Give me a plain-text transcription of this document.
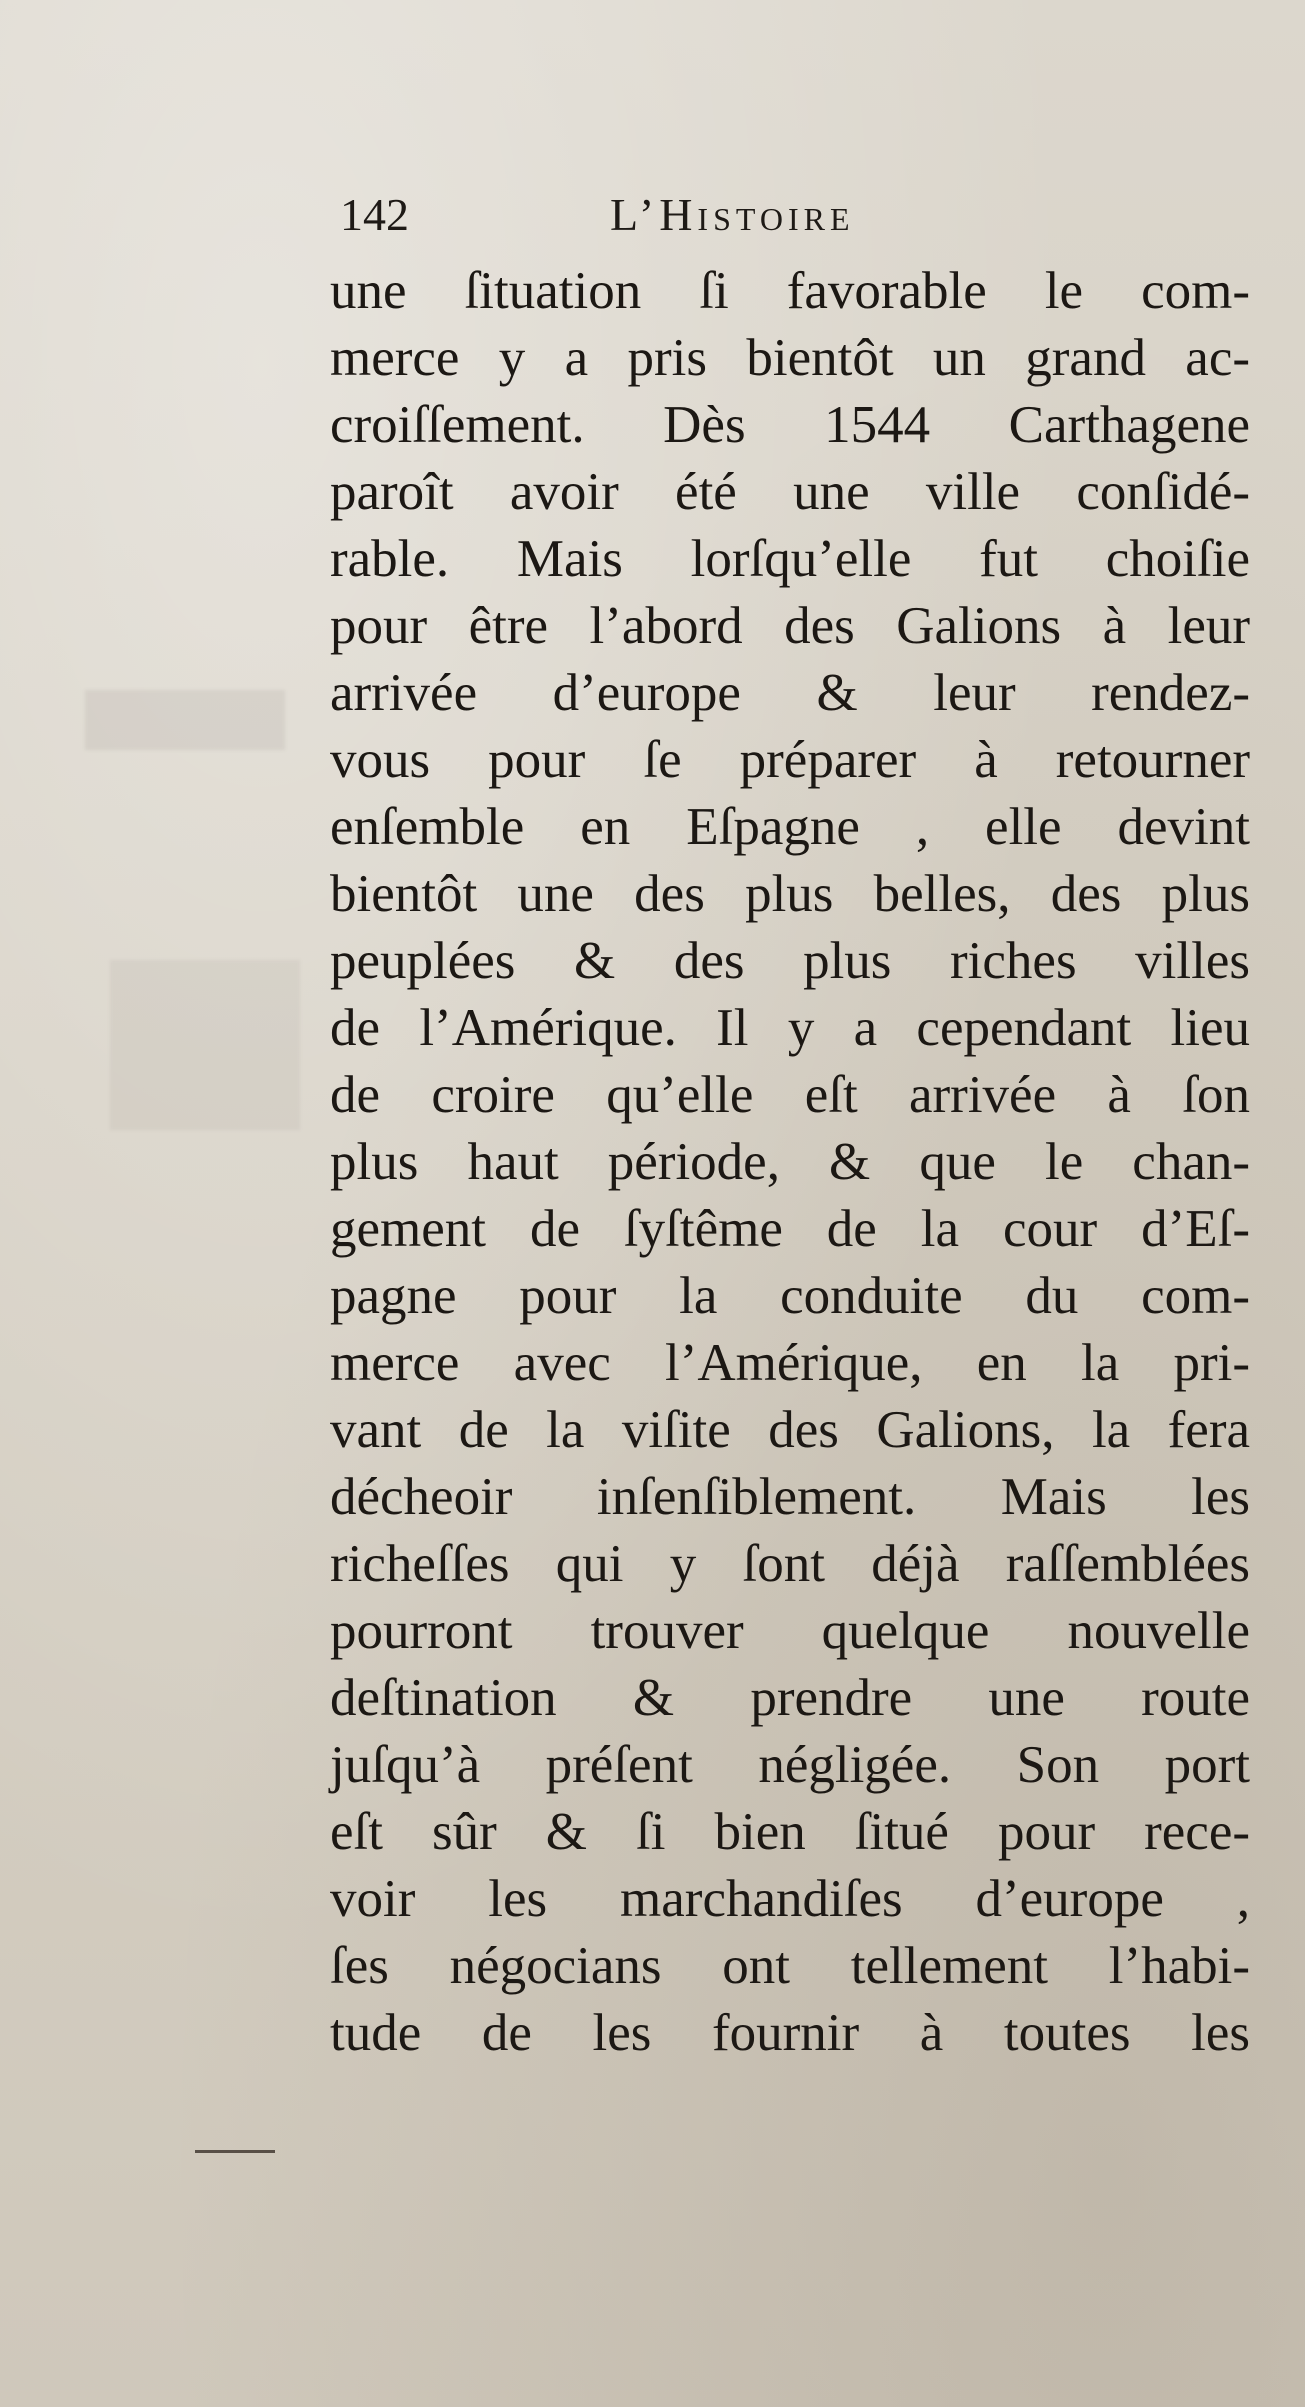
142	L’Histoire
une ſituation ſi favorable le com-
merce y a pris bientôt un grand ac-
croiſſement. Dès 1544 Carthagene
paroît avoir été une ville conſidé-
rable. Mais lorſqu’elle fut choiſie
pour être l’abord des Galions à leur
arrivée d’europe & leur rendez-
vous pour ſe préparer à retourner
enſemble en Eſpagne , elle devint
bientôt une des plus belles, des plus
peuplées & des plus riches villes
de l’Amérique. Il y a cependant lieu
de croire qu’elle eſt arrivée à ſon
plus haut période, & que le chan-
gement de ſyſtême de la cour d’Eſ-
pagne pour la conduite du com-
merce avec l’Amérique, en la pri-
vant de la viſite des Galions, la fera
décheoir inſenſiblement. Mais les
richeſſes qui y ſont déjà raſſemblées
pourront trouver quelque nouvelle
deſtination & prendre une route
juſqu’à préſent négligée. Son port
eſt sûr & ſi bien ſitué pour rece-
voir les marchandiſes d’europe ,
ſes négocians ont tellement l’habi-
tude de les fournir à toutes les
